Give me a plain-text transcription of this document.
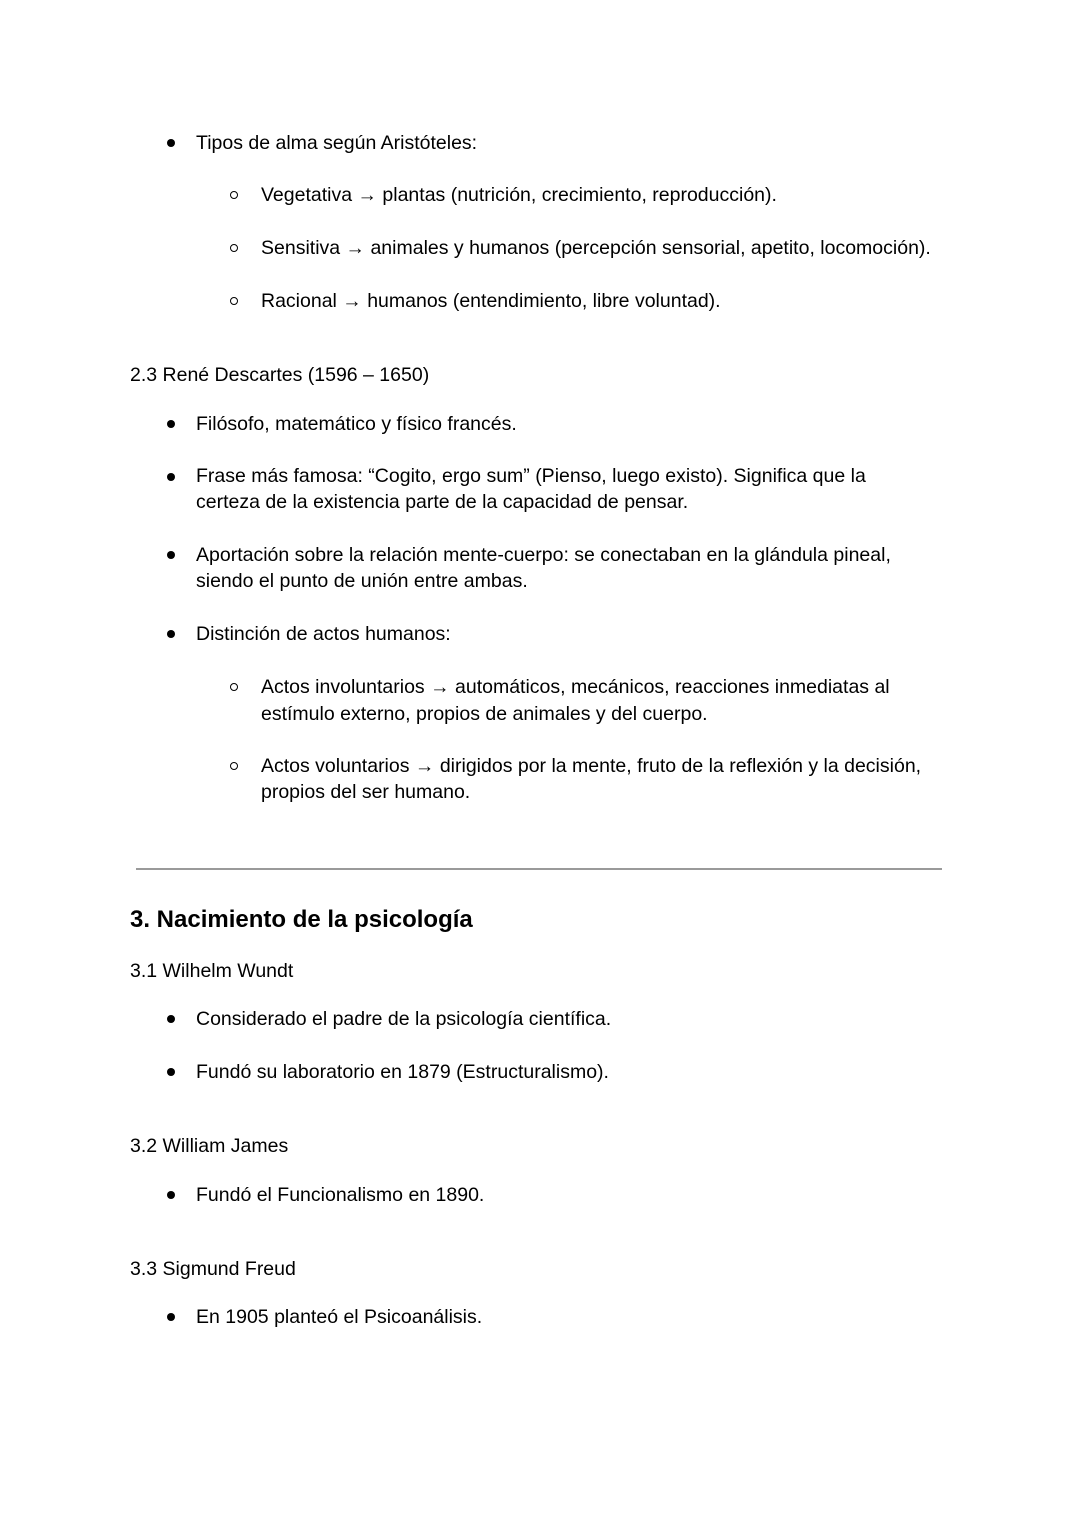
Tipos de alma según Aristóteles:
Vegetativa → plantas (nutrición, crecimiento, reproducción).
Sensitiva → animales y humanos (percepción sensorial, apetito, locomoción).
Racional → humanos (entendimiento, libre voluntad).
2.3 René Descartes (1596 – 1650)
Filósofo, matemático y físico francés.
Frase más famosa: “Cogito, ergo sum” (Pienso, luego existo). Significa que la
certeza de la existencia parte de la capacidad de pensar.
Aportación sobre la relación mente-cuerpo: se conectaban en la glándula pineal,
siendo el punto de unión entre ambas.
Distinción de actos humanos:
Actos involuntarios → automáticos, mecánicos, reacciones inmediatas al
estímulo externo, propios de animales y del cuerpo.
Actos voluntarios → dirigidos por la mente, fruto de la reflexión y la decisión,
propios del ser humano.
3. Nacimiento de la psicología
3.1 Wilhelm Wundt
Considerado el padre de la psicología científica.
Fundó su laboratorio en 1879 (Estructuralismo).
3.2 William James
Fundó el Funcionalismo en 1890.
3.3 Sigmund Freud
En 1905 planteó el Psicoanálisis.
